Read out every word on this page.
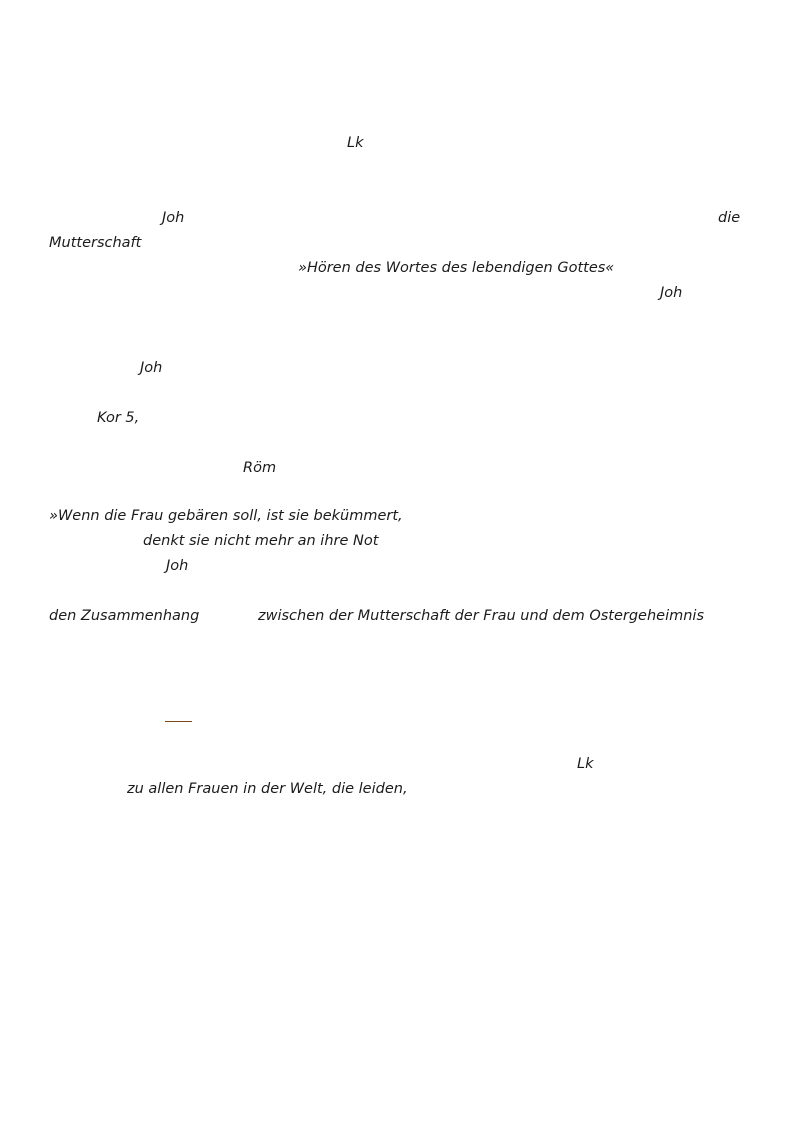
Lk
Joh	die
Mutterschaft
»Hören des Wortes des lebendigen Gottes«
Joh
Joh
Kor 5,
Röm
»Wenn die Frau gebären soll, ist sie bekümmert,
denkt sie nicht mehr an ihre Not
Joh
den Zusammenhang	zwischen der Mutterschaft der Frau und dem Ostergeheimnis
Lk
zu allen Frauen in der Welt, die leiden,
